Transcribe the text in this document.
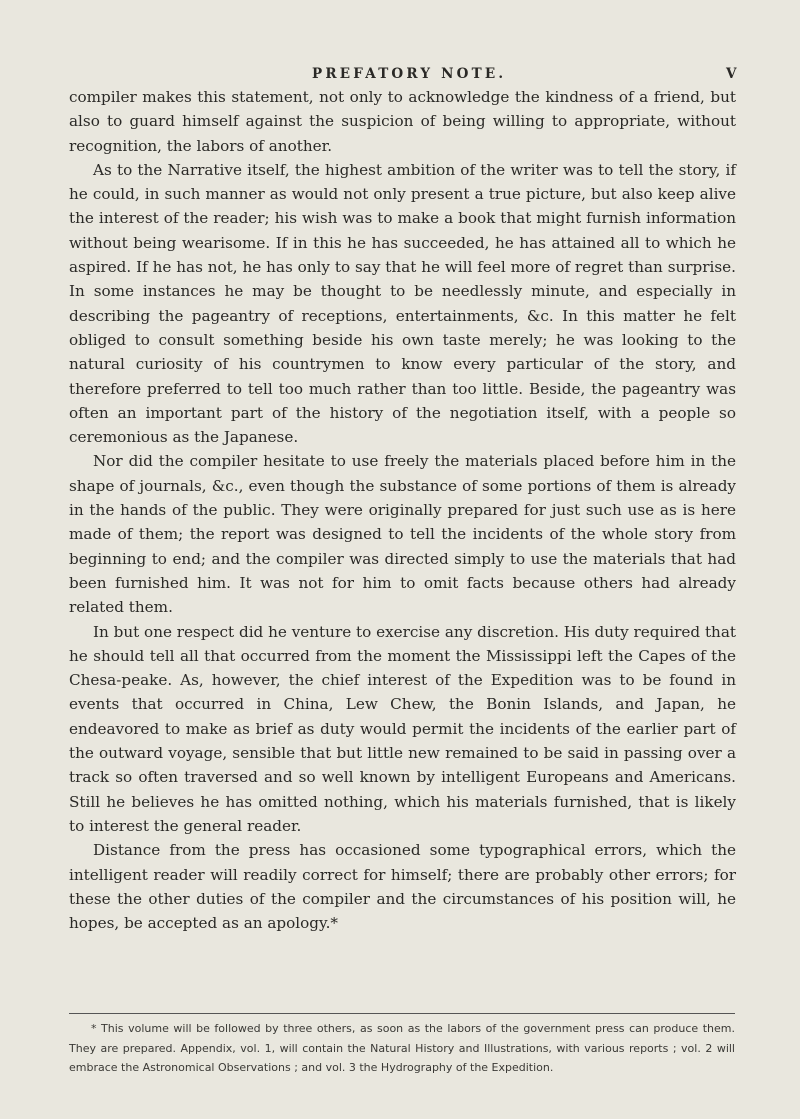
PREFATORY NOTE.	V

compiler makes this statement, not only to acknowledge the kindness of a friend, but also to guard himself against the suspicion of being willing to appropriate, without recognition, the labors of another.

As to the Narrative itself, the highest ambition of the writer was to tell the story, if he could, in such manner as would not only present a true picture, but also keep alive the interest of the reader; his wish was to make a book that might furnish information without being wearisome. If in this he has succeeded, he has attained all to which he aspired. If he has not, he has only to say that he will feel more of regret than surprise. In some instances he may be thought to be needlessly minute, and especially in describing the pageantry of receptions, entertainments, &c. In this matter he felt obliged to consult something beside his own taste merely; he was looking to the natural curiosity of his countrymen to know every particular of the story, and therefore preferred to tell too much rather than too little. Beside, the pageantry was often an important part of the history of the negotiation itself, with a people so ceremonious as the Japanese.

Nor did the compiler hesitate to use freely the materials placed before him in the shape of journals, &c., even though the substance of some portions of them is already in the hands of the public. They were originally prepared for just such use as is here made of them; the report was designed to tell the incidents of the whole story from beginning to end; and the compiler was directed simply to use the materials that had been furnished him. It was not for him to omit facts because others had already related them.

In but one respect did he venture to exercise any discretion. His duty required that he should tell all that occurred from the moment the Mississippi left the Capes of the Chesa-peake. As, however, the chief interest of the Expedition was to be found in events that occurred in China, Lew Chew, the Bonin Islands, and Japan, he endeavored to make as brief as duty would permit the incidents of the earlier part of the outward voyage, sensible that but little new remained to be said in passing over a track so often traversed and so well known by intelligent Europeans and Americans. Still he believes he has omitted nothing, which his materials furnished, that is likely to interest the general reader.

Distance from the press has occasioned some typographical errors, which the intelligent reader will readily correct for himself; there are probably other errors; for these the other duties of the compiler and the circumstances of his position will, he hopes, be accepted as an apology.*

* This volume will be followed by three others, as soon as the labors of the government press can produce them. They are prepared. Appendix, vol. 1, will contain the Natural History and Illustrations, with various reports ; vol. 2 will embrace the Astronomical Observations ; and vol. 3 the Hydrography of the Expedition.
